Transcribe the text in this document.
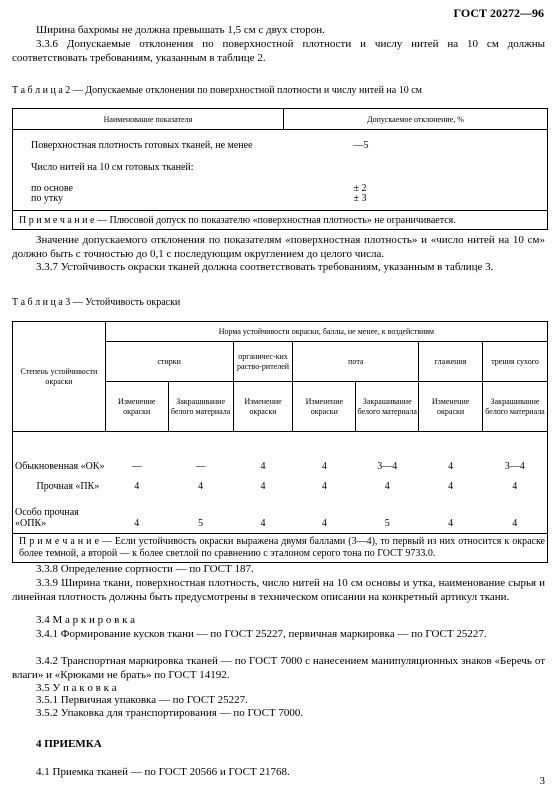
ГОСТ 20272—96
Ширина бахромы не должна превышать 1,5 см с двух сторон.
3.3.6 Допускаемые отклонения по поверхностной плотности и числу нитей на 10 см должны соответствовать требованиям, указанным в таблице 2.
Т а б л и ц а 2 — Допускаемые отклонения по поверхностной плотности и числу нитей на 10 см
Наименование показателя	Допускаемое отклонение, %
Поверхностная плотность готовых тканей, не менее	—5
Число нитей на 10 см готовых тканей:	
по основе	± 2
по утку	± 3
П р и м е ч а н и е — Плюсовой допуск по показателю «поверхностная плотность» не ограничивается.	
Значение допускаемого отклонения по показателям «поверхностная плотность» и «число нитей на 10 см» должно быть с точностью до 0,1 с последующим округлением до целого числа.
3.3.7 Устойчивость окраски тканей должна соответствовать требованиям, указанным в таблице 3.
Т а б л и ц а 3 — Устойчивость окраски
Степень устойчивости окраски	Норма устойчивости окраски, баллы, не менее, к воздействиям						
	стирки		органичес-ких раство-рителей	пота		глажения	трения сухого
	Изменение окраски	Закрашивание белого материала	Изменение окраски	Изменение окраски	Закрашивание белого материала	Изменение окраски	Закрашивание белого материала
Обыкновенная «ОК»	—	—	4	4	3—4	4	3—4
Прочная «ПК»	4	4	4	4	4	4	4
Особо прочная «ОПК»	4	5	4	4	5	4	4
П р и м е ч а н и е — Если устойчивость окраски выражена двумя баллами (3—4), то первый из них относится к окраске более темной, а второй — к более светлой по сравнению с эталоном серого тона по ГОСТ 9733.0.							
3.3.8 Определение сортности — по ГОСТ 187.
3.3.9 Ширина ткани, поверхностная плотность, число нитей на 10 см основы и утка, наименование сырья и линейная плотность должны быть предусмотрены в техническом описании на конкретный артикул ткани.
3.4 М а р к и р о в к а
3.4.1 Формирование кусков ткани — по ГОСТ 25227, первичная маркировка — по ГОСТ 25227.
3.4.2 Транспортная маркировка тканей — по ГОСТ 7000 с нанесением манипуляционных знаков «Беречь от влаги» и «Крюками не брать» по ГОСТ 14192.
3.5 У п а к о в к а
3.5.1 Первичная упаковка — по ГОСТ 25227.
3.5.2 Упаковка для транспортирования — по ГОСТ 7000.
4 ПРИЕМКА
4.1 Приемка тканей — по ГОСТ 20566 и ГОСТ 21768.
3
